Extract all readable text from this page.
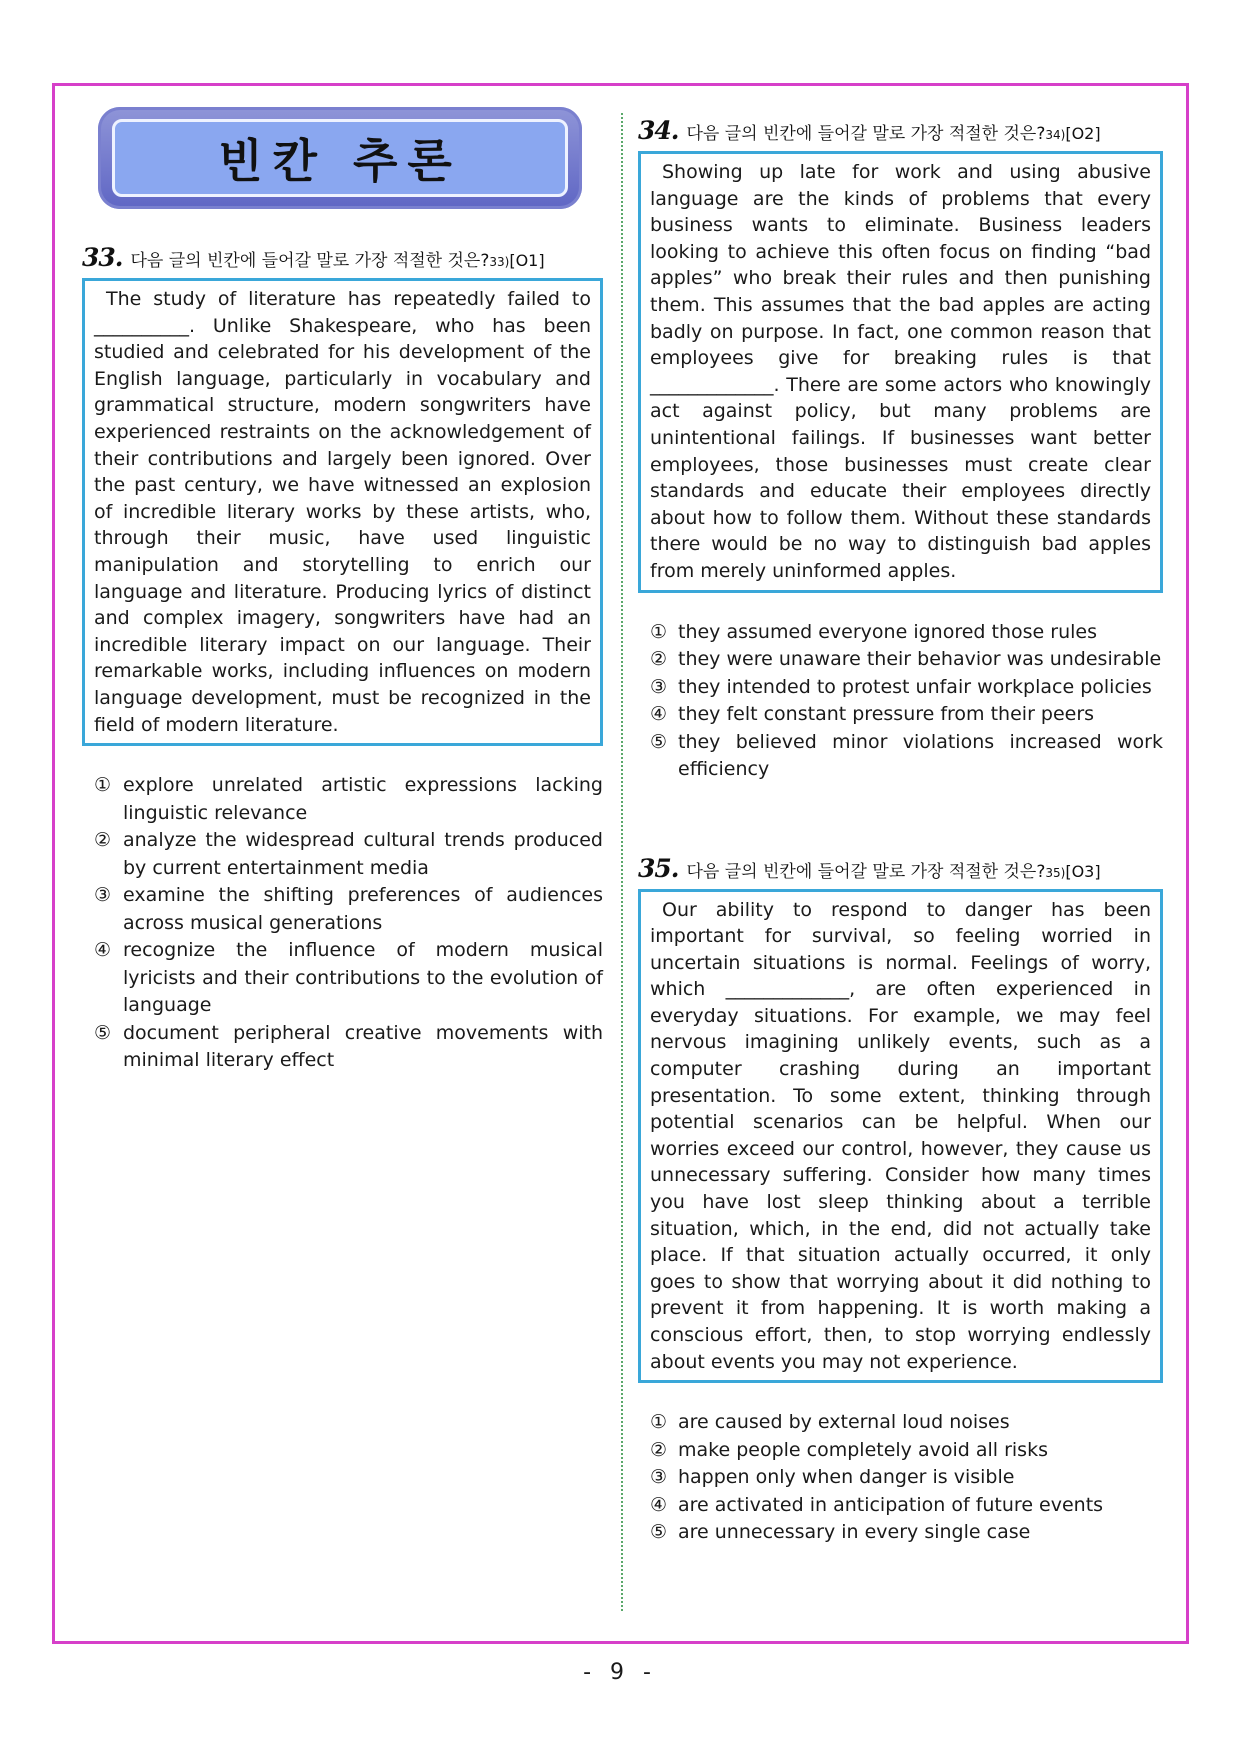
빈칸 추론
33. 다음 글의 빈칸에 들어갈 말로 가장 적절한 것은? 33) [O1]

The study of literature has repeatedly failed to __________. Unlike Shakespeare, who has been studied and celebrated for his development of the English language, particularly in vocabulary and grammatical structure, modern songwriters have experienced restraints on the acknowledgement of their contributions and largely been ignored. Over the past century, we have witnessed an explosion of incredible literary works by these artists, who, through their music, have used linguistic manipulation and storytelling to enrich our language and literature. Producing lyrics of distinct and complex imagery, songwriters have had an incredible literary impact on our language. Their remarkable works, including influences on modern language development, must be recognized in the field of modern literature.

① explore unrelated artistic expressions lacking linguistic relevance
② analyze the widespread cultural trends produced by current entertainment media
③ examine the shifting preferences of audiences across musical generations
④ recognize the influence of modern musical lyricists and their contributions to the evolution of language
⑤ document peripheral creative movements with minimal literary effect
34. 다음 글의 빈칸에 들어갈 말로 가장 적절한 것은? 34) [O2]

Showing up late for work and using abusive language are the kinds of problems that every business wants to eliminate. Business leaders looking to achieve this often focus on finding “bad apples” who break their rules and then punishing them. This assumes that the bad apples are acting badly on purpose. In fact, one common reason that employees give for breaking rules is that _____________. There are some actors who knowingly act against policy, but many problems are unintentional failings. If businesses want better employees, those businesses must create clear standards and educate their employees directly about how to follow them. Without these standards there would be no way to distinguish bad apples from merely uninformed apples.

① they assumed everyone ignored those rules
② they were unaware their behavior was undesirable
③ they intended to protest unfair workplace policies
④ they felt constant pressure from their peers
⑤ they believed minor violations increased work efficiency
35. 다음 글의 빈칸에 들어갈 말로 가장 적절한 것은? 35) [O3]

Our ability to respond to danger has been important for survival, so feeling worried in uncertain situations is normal. Feelings of worry, which _____________, are often experienced in everyday situations. For example, we may feel nervous imagining unlikely events, such as a computer crashing during an important presentation. To some extent, thinking through potential scenarios can be helpful. When our worries exceed our control, however, they cause us unnecessary suffering. Consider how many times you have lost sleep thinking about a terrible situation, which, in the end, did not actually take place. If that situation actually occurred, it only goes to show that worrying about it did nothing to prevent it from happening. It is worth making a conscious effort, then, to stop worrying endlessly about events you may not experience.

① are caused by external loud noises
② make people completely avoid all risks
③ happen only when danger is visible
④ are activated in anticipation of future events
⑤ are unnecessary in every single case
- 9 -
